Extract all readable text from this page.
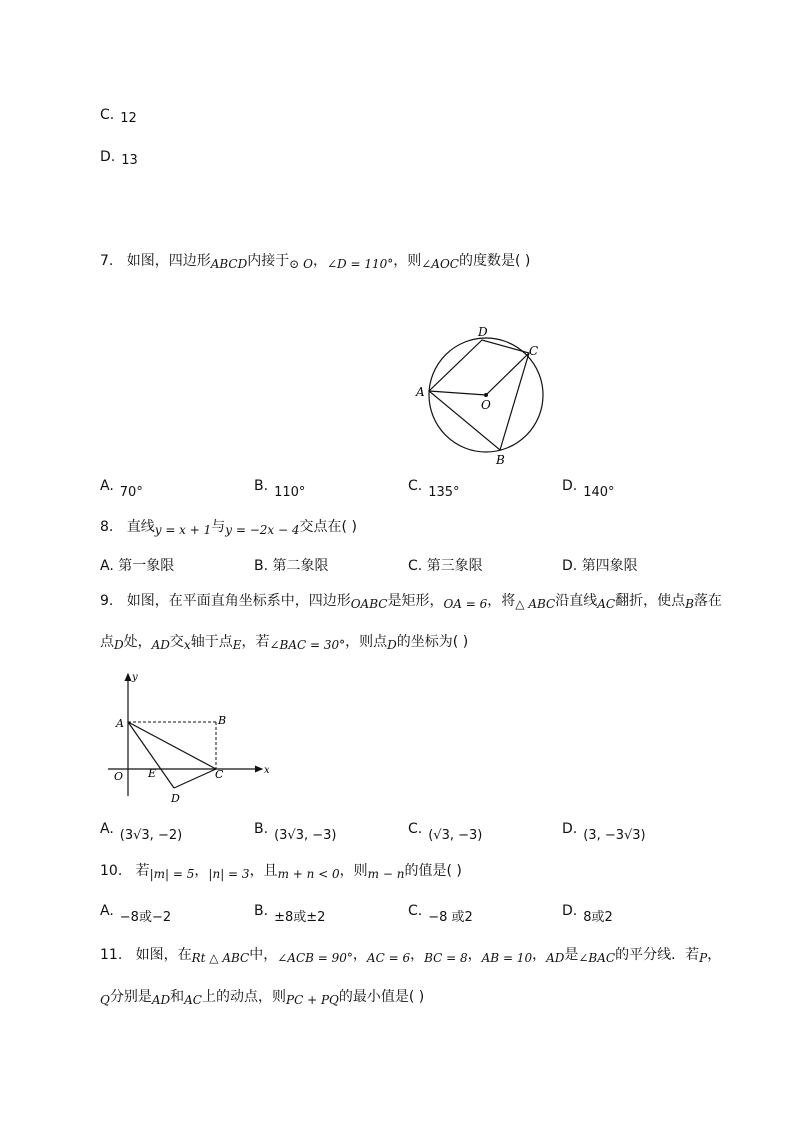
C. 12
D. 13
7. 如图，四边形ABCD内接于⊙ O，∠D = 110°，则∠AOC的度数是( )
A
D
C
O
B
A. 70°	B. 110°	C. 135°	D. 140°
8. 直线y = x + 1与y = −2x − 4交点在( )
A. 第一象限	B. 第二象限	C. 第三象限	D. 第四象限
9. 如图，在平面直角坐标系中，四边形OABC是矩形，OA = 6，将△ ABC沿直线AC翻折，使点B落在
点D处，AD交x轴于点E，若∠BAC = 30°，则点D的坐标为( )
y
x
A	B
O E	C
D
A. (3√3, −2)	B. (3√3, −3)	C. (√3, −3)	D. (3, −3√3)
10. 若|m| = 5，|n| = 3，且m + n < 0，则m − n的值是( )
A. −8或−2	B. ±8或±2	C. −8 或2	D. 8或2
11. 如图，在Rt △ ABC中，∠ACB = 90°，AC = 6，BC = 8，AB = 10，AD是∠BAC的平分线．若P，
Q分别是AD和AC上的动点，则PC + PQ的最小值是( )
